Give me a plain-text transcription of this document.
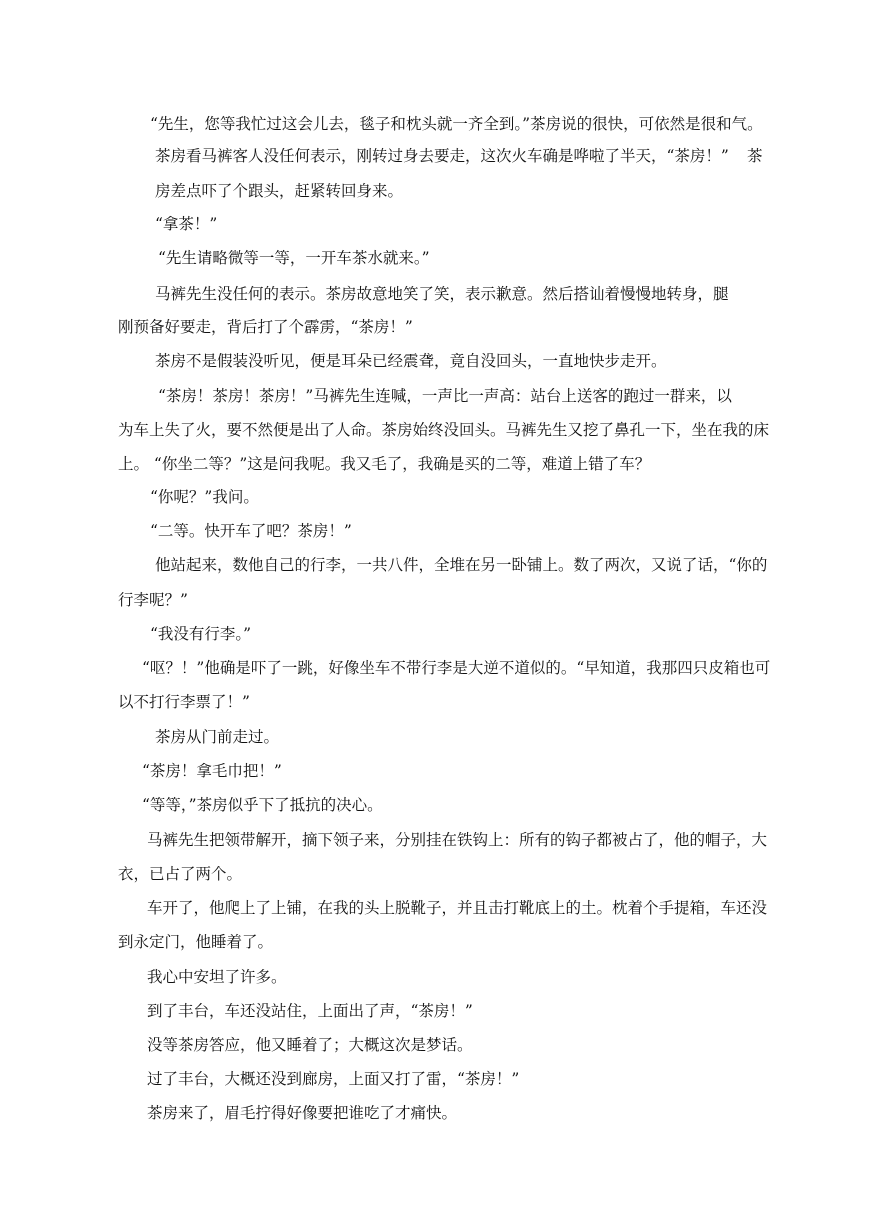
“先生，您等我忙过这会儿去，毯子和枕头就一齐全到。”茶房说的很快，可依然是很和气。

茶房看马裤客人没任何表示，刚转过身去要走，这次火车确是哗啦了半天，“茶房！” 茶

房差点吓了个跟头，赶紧转回身来。

“拿茶！”

“先生请略微等一等，一开车茶水就来。”

马裤先生没任何的表示。茶房故意地笑了笑，表示歉意。然后搭讪着慢慢地转身，腿

刚预备好要走，背后打了个霹雳，“茶房！”

茶房不是假装没听见，便是耳朵已经震聋，竟自没回头，一直地快步走开。

“茶房！茶房！茶房！”马裤先生连喊，一声比一声高：站台上送客的跑过一群来，以

为车上失了火，要不然便是出了人命。茶房始终没回头。马裤先生又挖了鼻孔一下，坐在我的床

上。 “你坐二等？”这是问我呢。我又毛了，我确是买的二等，难道上错了车？

“你呢？”我问。

“二等。快开车了吧？茶房！”

他站起来，数他自己的行李，一共八件，全堆在另一卧铺上。数了两次，又说了话，“你的

行李呢？”

“我没有行李。”

“呕？！”他确是吓了一跳，好像坐车不带行李是大逆不道似的。“早知道，我那四只皮箱也可

以不打行李票了！”

茶房从门前走过。

“茶房！拿毛巾把！”

“等等，”茶房似乎下了抵抗的决心。

马裤先生把领带解开，摘下领子来，分别挂在铁钩上：所有的钩子都被占了，他的帽子，大

衣，已占了两个。

车开了，他爬上了上铺，在我的头上脱靴子，并且击打靴底上的土。枕着个手提箱，车还没

到永定门，他睡着了。

我心中安坦了许多。

到了丰台，车还没站住，上面出了声，“茶房！”

没等茶房答应，他又睡着了；大概这次是梦话。

过了丰台，大概还没到廊房，上面又打了雷，“茶房！”

茶房来了，眉毛拧得好像要把谁吃了才痛快。
